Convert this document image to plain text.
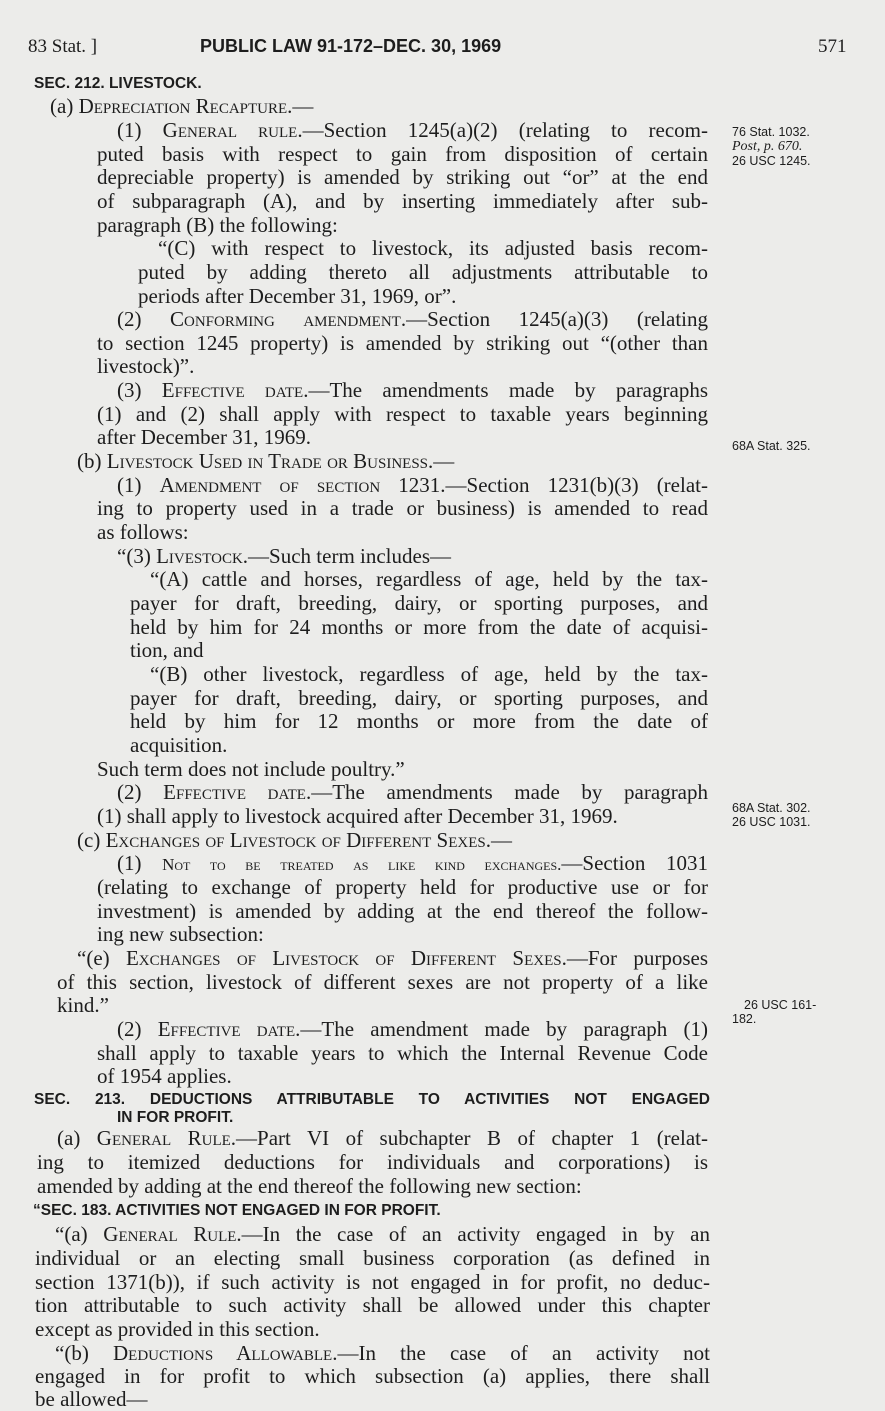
83 Stat. ]	PUBLIC LAW 91-172–DEC. 30, 1969	571
76 Stat. 1032.
Post, p. 670.
26 USC 1245.
68A Stat. 325.
68A Stat. 302.
26 USC 1031.
26 USC 161-
182.
SEC. 212. LIVESTOCK.
(a) Depreciation Recapture.—
(1) General rule.—Section 1245(a)(2) (relating to recom-
puted basis with respect to gain from disposition of certain
depreciable property) is amended by striking out “or” at the end
of subparagraph (A), and by inserting immediately after sub-
paragraph (B) the following:
“(C) with respect to livestock, its adjusted basis recom-
puted by adding thereto all adjustments attributable to
periods after December 31, 1969, or”.
(2) Conforming amendment.—Section 1245(a)(3) (relating
to section 1245 property) is amended by striking out “(other than
livestock)”.
(3) Effective date.—The amendments made by paragraphs
(1) and (2) shall apply with respect to taxable years beginning
after December 31, 1969.
(b) Livestock Used in Trade or Business.—
(1) Amendment of section 1231.—Section 1231(b)(3) (relat-
ing to property used in a trade or business) is amended to read
as follows:
“(3) Livestock.—Such term includes—
“(A) cattle and horses, regardless of age, held by the tax-
payer for draft, breeding, dairy, or sporting purposes, and
held by him for 24 months or more from the date of acquisi-
tion, and
“(B) other livestock, regardless of age, held by the tax-
payer for draft, breeding, dairy, or sporting purposes, and
held by him for 12 months or more from the date of
acquisition.
Such term does not include poultry.”
(2) Effective date.—The amendments made by paragraph
(1) shall apply to livestock acquired after December 31, 1969.
(c) Exchanges of Livestock of Different Sexes.—
(1) Not to be treated as like kind exchanges.—Section 1031
(relating to exchange of property held for productive use or for
investment) is amended by adding at the end thereof the follow-
ing new subsection:
“(e) Exchanges of Livestock of Different Sexes.—For purposes
of this section, livestock of different sexes are not property of a like
kind.”
(2) Effective date.—The amendment made by paragraph (1)
shall apply to taxable years to which the Internal Revenue Code
of 1954 applies.
SEC. 213. DEDUCTIONS ATTRIBUTABLE TO ACTIVITIES NOT ENGAGED
IN FOR PROFIT.
(a) General Rule.—Part VI of subchapter B of chapter 1 (relat-
ing to itemized deductions for individuals and corporations) is
amended by adding at the end thereof the following new section:
“SEC. 183. ACTIVITIES NOT ENGAGED IN FOR PROFIT.
“(a) General Rule.—In the case of an activity engaged in by an
individual or an electing small business corporation (as defined in
section 1371(b)), if such activity is not engaged in for profit, no deduc-
tion attributable to such activity shall be allowed under this chapter
except as provided in this section.
“(b) Deductions Allowable.—In the case of an activity not
engaged in for profit to which subsection (a) applies, there shall
be allowed—
